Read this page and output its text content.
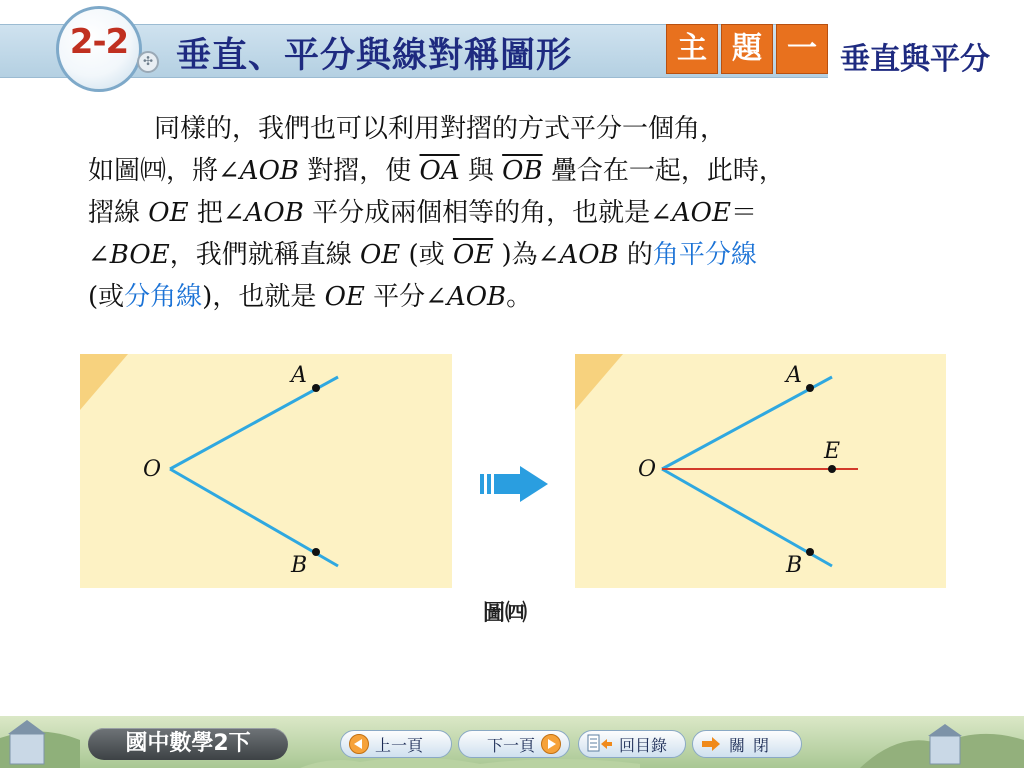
2-2	✣ 垂直、平分與線對稱圖形	主 題 一 垂直與平分

同樣的，我們也可以利用對摺的方式平分一個角，

如圖㈣，將∠AOB 對摺，使 $\overline{OA}$ 與 $\overline{OB}$ 疊合在一起，此時，

摺線 OE 把∠AOB 平分成兩個相等的角，也就是∠AOE＝

∠BOE，我們就稱直線 OE (或 $\overline{OE}$ )為∠AOB 的角平分線

(或分角線)，也就是 OE 平分∠AOB。

A
O
B
A
O
E
B
圖㈣
國中數學2下	上一頁	下一頁	回目錄	關閉
